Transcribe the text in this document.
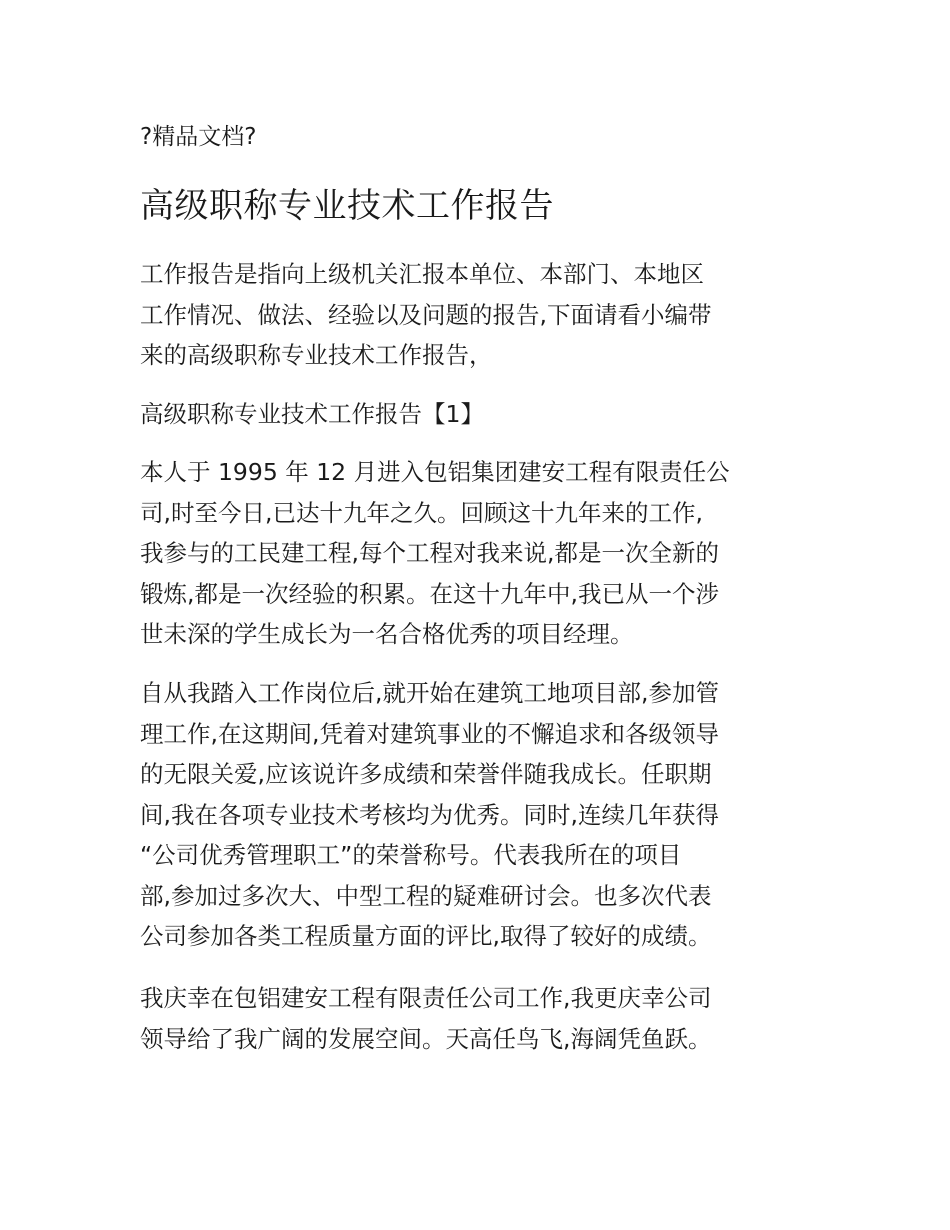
?精品文档?
高级职称专业技术工作报告

工作报告是指向上级机关汇报本单位、本部门、本地区
工作情况、做法、经验以及问题的报告,下面请看小编带
来的高级职称专业技术工作报告，

高级职称专业技术工作报告【1】

本人于 1995 年 12 月进入包铝集团建安工程有限责任公
司,时至今日,已达十九年之久。回顾这十九年来的工作,
我参与的工民建工程,每个工程对我来说,都是一次全新的
锻炼,都是一次经验的积累。在这十九年中,我已从一个涉
世未深的学生成长为一名合格优秀的项目经理。

自从我踏入工作岗位后,就开始在建筑工地项目部,参加管
理工作,在这期间,凭着对建筑事业的不懈追求和各级领导
的无限关爱,应该说许多成绩和荣誉伴随我成长。任职期
间,我在各项专业技术考核均为优秀。同时,连续几年获得
“公司优秀管理职工”的荣誉称号。代表我所在的项目
部,参加过多次大、中型工程的疑难研讨会。也多次代表
公司参加各类工程质量方面的评比,取得了较好的成绩。

我庆幸在包铝建安工程有限责任公司工作,我更庆幸公司
领导给了我广阔的发展空间。天高任鸟飞,海阔凭鱼跃。
